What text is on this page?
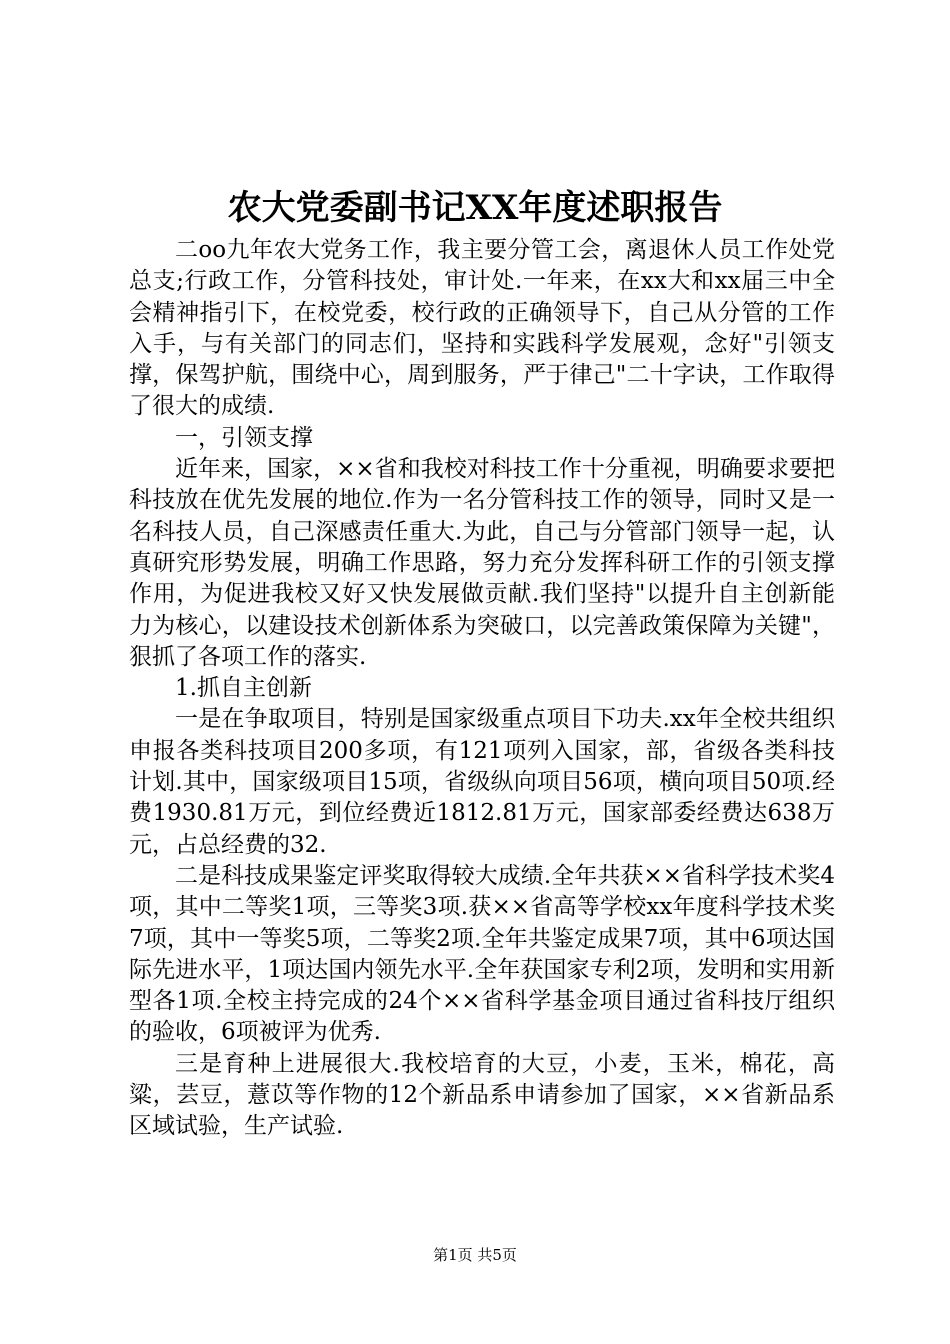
农大党委副书记XX年度述职报告

二oo九年农大党务工作，我主要分管工会，离退休人员工作处党总支;行政工作，分管科技处，审计处.一年来，在xx大和xx届三中全会精神指引下，在校党委，校行政的正确领导下，自己从分管的工作入手，与有关部门的同志们，坚持和实践科学发展观，念好"引领支撑，保驾护航，围绕中心，周到服务，严于律己"二十字诀，工作取得了很大的成绩.

一，引领支撑

近年来，国家，××省和我校对科技工作十分重视，明确要求要把科技放在优先发展的地位.作为一名分管科技工作的领导，同时又是一名科技人员，自己深感责任重大.为此，自己与分管部门领导一起，认真研究形势发展，明确工作思路，努力充分发挥科研工作的引领支撑作用，为促进我校又好又快发展做贡献.我们坚持"以提升自主创新能力为核心，以建设技术创新体系为突破口，以完善政策保障为关键"，狠抓了各项工作的落实.

1.抓自主创新

一是在争取项目，特别是国家级重点项目下功夫.xx年全校共组织申报各类科技项目200多项，有121项列入国家，部，省级各类科技计划.其中，国家级项目15项，省级纵向项目56项，横向项目50项.经费1930.81万元，到位经费近1812.81万元，国家部委经费达638万元，占总经费的32.

二是科技成果鉴定评奖取得较大成绩.全年共获××省科学技术奖4项，其中二等奖1项，三等奖3项.获××省高等学校xx年度科学技术奖7项，其中一等奖5项，二等奖2项.全年共鉴定成果7项，其中6项达国际先进水平，1项达国内领先水平.全年获国家专利2项，发明和实用新型各1项.全校主持完成的24个××省科学基金项目通过省科技厅组织的验收，6项被评为优秀.

三是育种上进展很大.我校培育的大豆，小麦，玉米，棉花，高粱，芸豆，薏苡等作物的12个新品系申请参加了国家，××省新品系区域试验，生产试验.

第1页 共5页
